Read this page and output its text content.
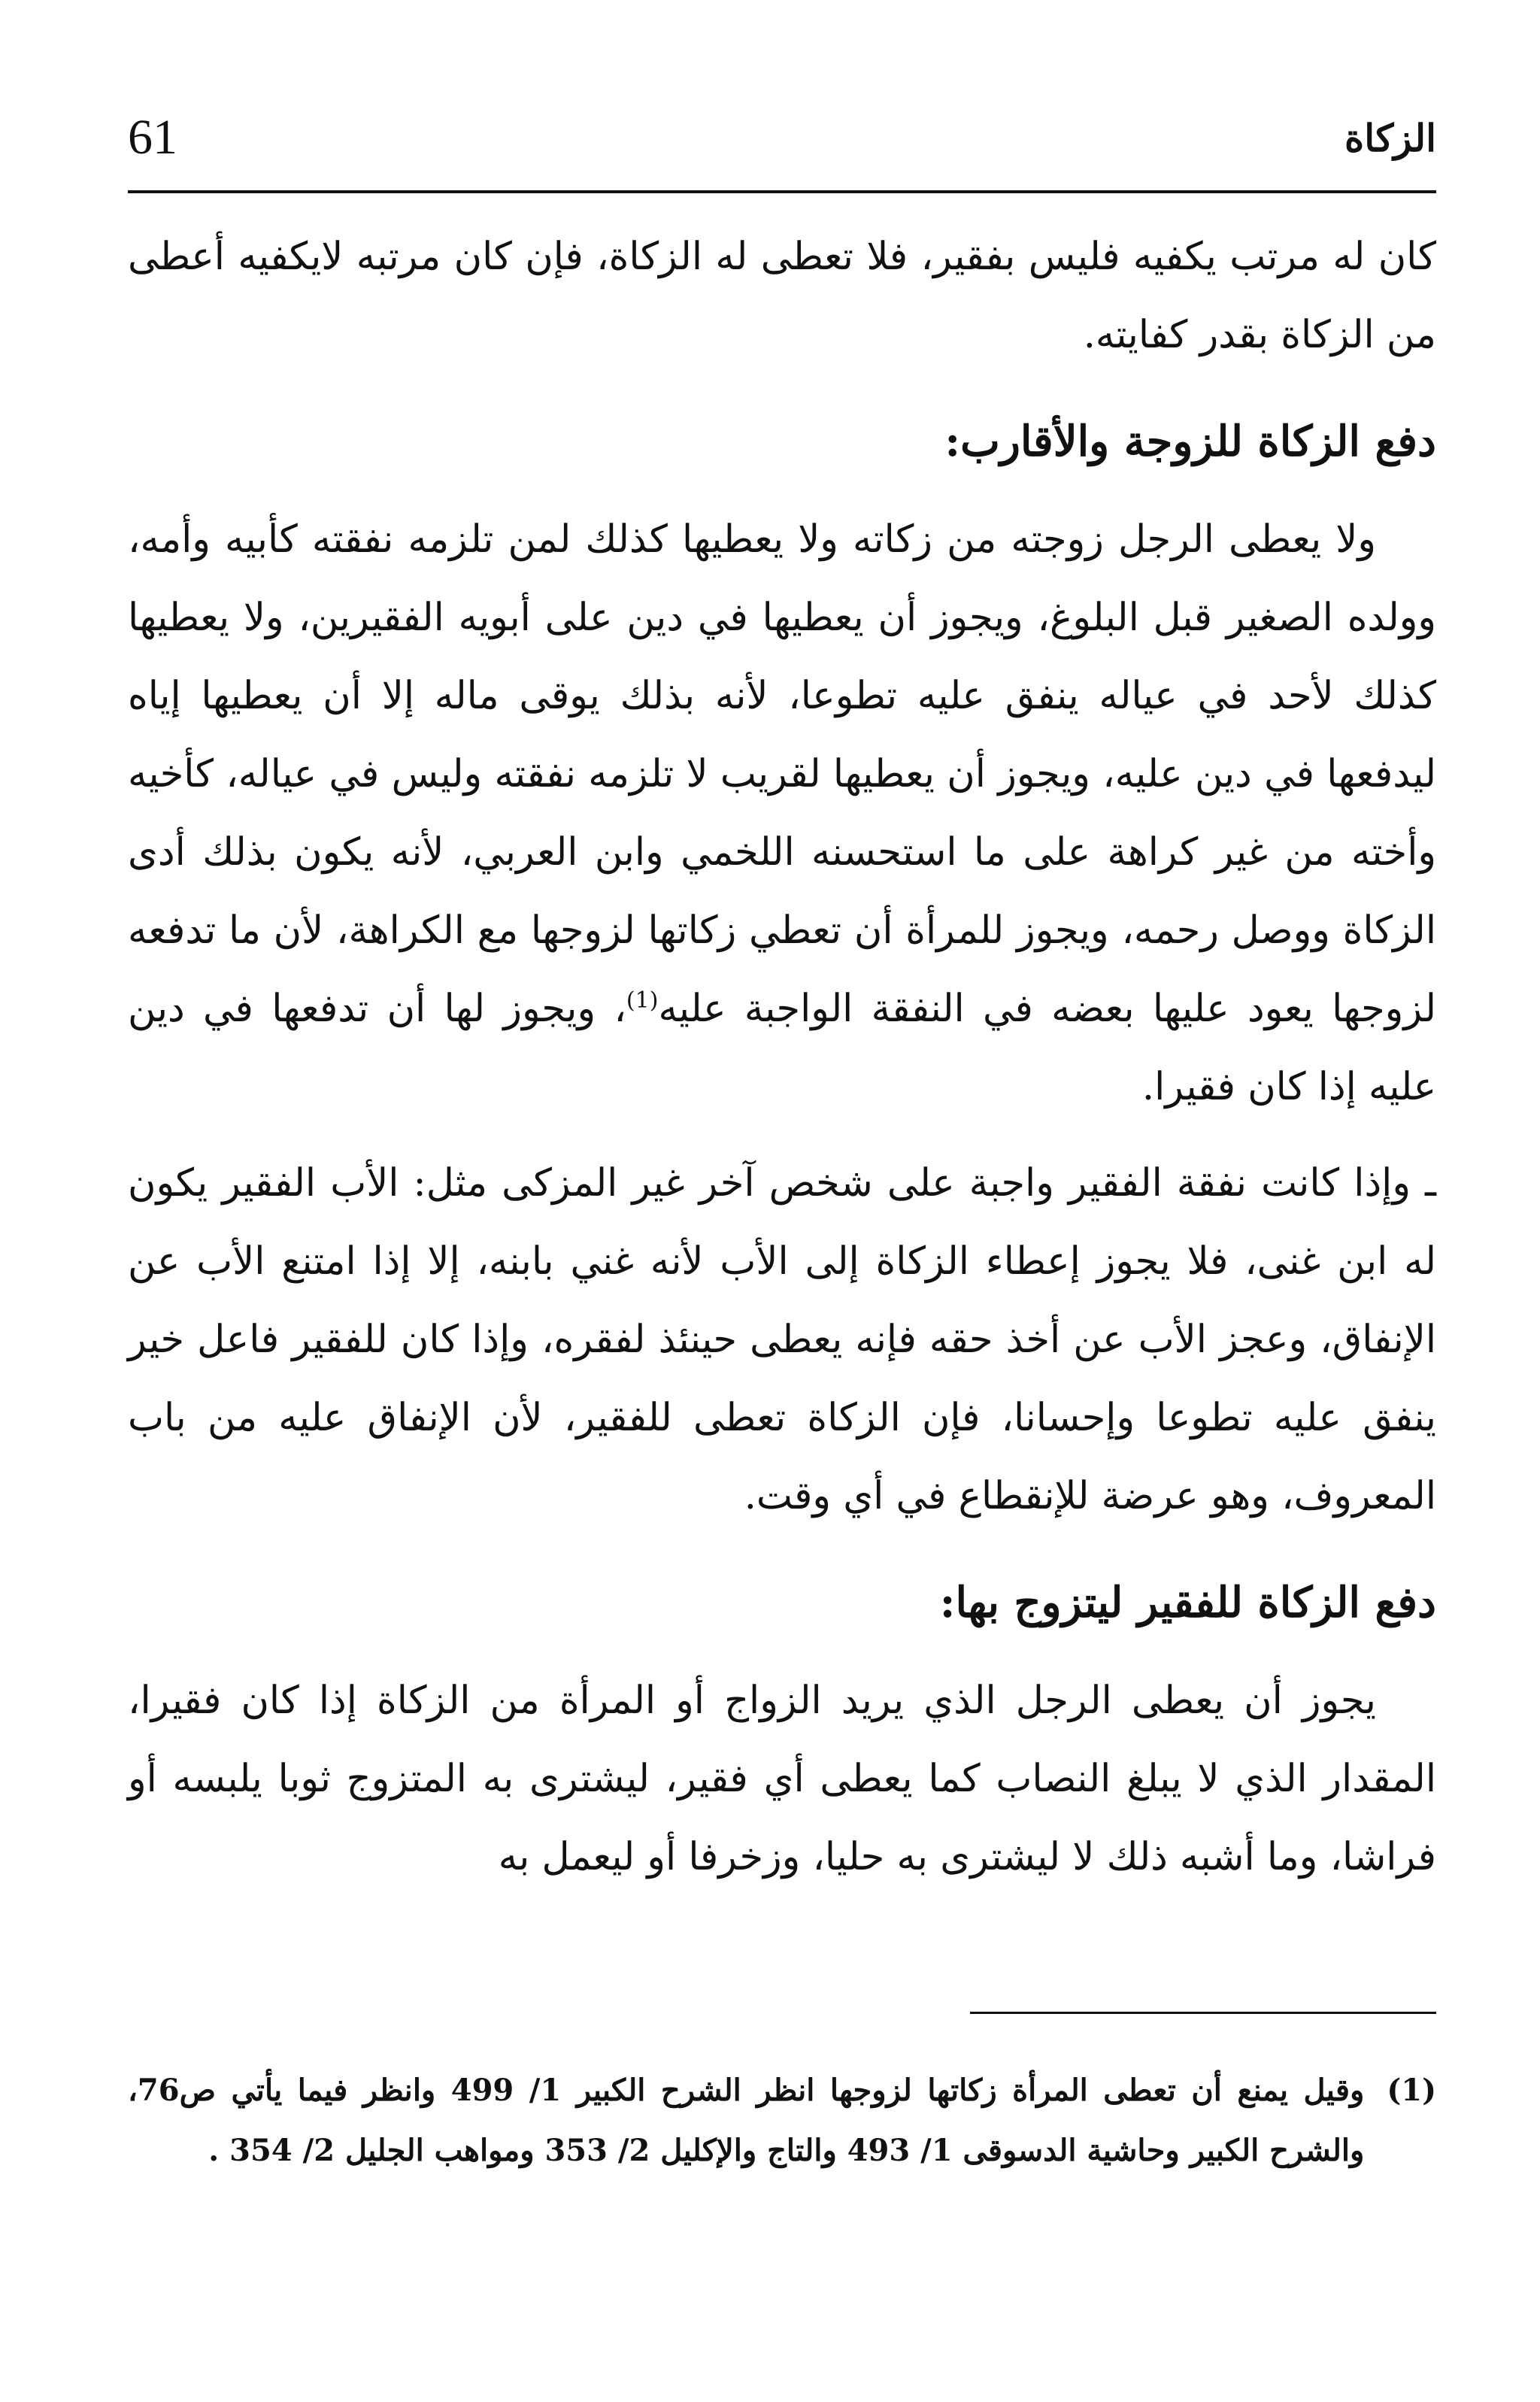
61	الزكاة

كان له مرتب يكفيه فليس بفقير، فلا تعطى له الزكاة، فإن كان مرتبه لايكفيه أعطى من الزكاة بقدر كفايته.

دفع الزكاة للزوجة والأقارب:

ولا يعطى الرجل زوجته من زكاته ولا يعطيها كذلك لمن تلزمه نفقته كأبيه وأمه، وولده الصغير قبل البلوغ، ويجوز أن يعطيها في دين على أبويه الفقيرين، ولا يعطيها كذلك لأحد في عياله ينفق عليه تطوعا، لأنه بذلك يوقى ماله إلا أن يعطيها إياه ليدفعها في دين عليه، ويجوز أن يعطيها لقريب لا تلزمه نفقته وليس في عياله، كأخيه وأخته من غير كراهة على ما استحسنه اللخمي وابن العربي، لأنه يكون بذلك أدى الزكاة ووصل رحمه، ويجوز للمرأة أن تعطي زكاتها لزوجها مع الكراهة، لأن ما تدفعه لزوجها يعود عليها بعضه في النفقة الواجبة عليه$^{(1)}$، ويجوز لها أن تدفعها في دين عليه إذا كان فقيرا.

ـ وإذا كانت نفقة الفقير واجبة على شخص آخر غير المزكى مثل: الأب الفقير يكون له ابن غنى، فلا يجوز إعطاء الزكاة إلى الأب لأنه غني بابنه، إلا إذا امتنع الأب عن الإنفاق، وعجز الأب عن أخذ حقه فإنه يعطى حينئذ لفقره، وإذا كان للفقير فاعل خير ينفق عليه تطوعا وإحسانا، فإن الزكاة تعطى للفقير، لأن الإنفاق عليه من باب المعروف، وهو عرضة للإنقطاع في أي وقت.

دفع الزكاة للفقير ليتزوج بها:

يجوز أن يعطى الرجل الذي يريد الزواج أو المرأة من الزكاة إذا كان فقيرا، المقدار الذي لا يبلغ النصاب كما يعطى أي فقير، ليشترى به المتزوج ثوبا يلبسه أو فراشا، وما أشبه ذلك لا ليشترى به حليا، وزخرفا أو ليعمل به

(1)

وقيل يمنع أن تعطى المرأة زكاتها لزوجها انظر الشرح الكبير 1/ 499 وانظر فيما يأتي ص76، والشرح الكبير وحاشية الدسوقى 1/ 493 والتاج والإكليل 2/ 353 ومواهب الجليل 2/ 354 .
